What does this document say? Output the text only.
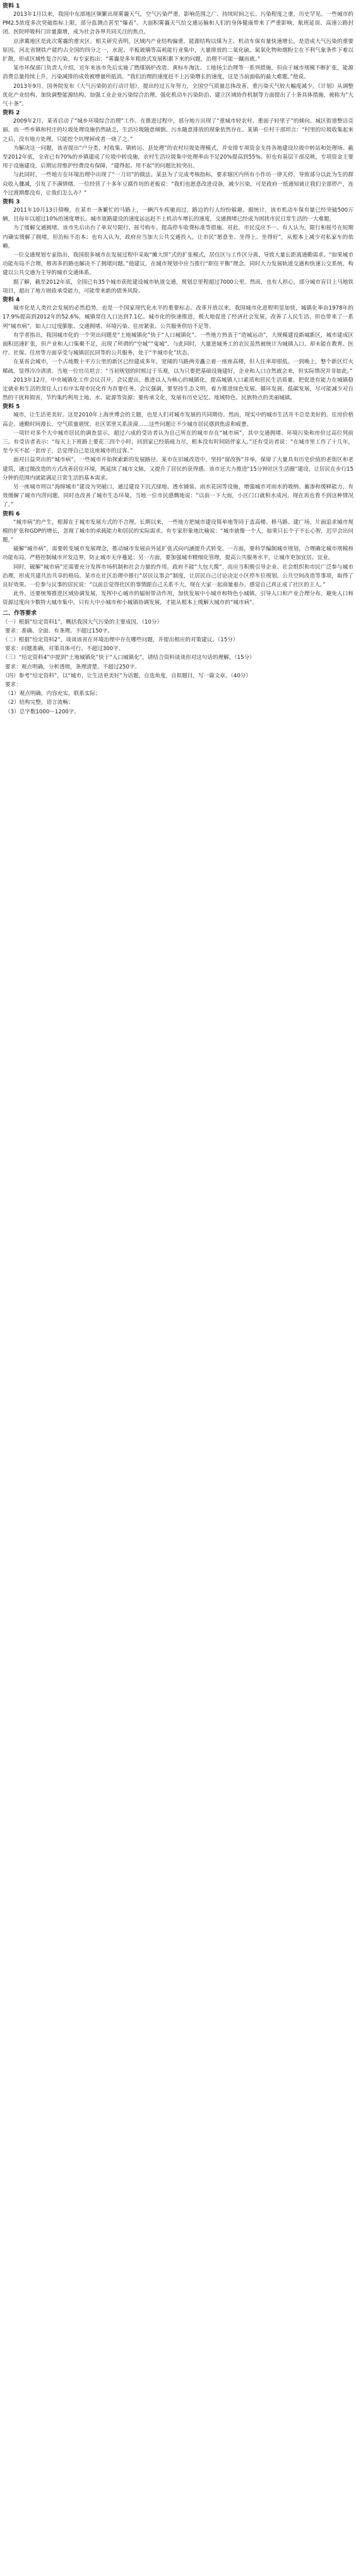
资料 1

2013年1月以来，我国中东部地区频繁出现雾霾天气，空气污染严重，影响范围之广、持续时间之长、污染程度之重，历史罕见。一些城市的PM2.5浓度多次突破指标上限，部分监测点甚至“爆表”。大面积雾霾天气给交通运输和人们的身体健康带来了严重影响，航班延误、高速公路封闭、医院呼吸科门诊量激增，成为社会各界共同关注的焦点。

京津冀地区是此次雾霾的重灾区。相关研究表明，区域内产业结构偏重、能源结构以煤为主、机动车保有量快速增长，是造成大气污染的重要原因。河北省钢铁产能约占全国的四分之一，水泥、平板玻璃等高耗能行业集中，大量排放的二氧化硫、氮氧化物和烟粉尘在不利气象条件下难以扩散，形成区域性复合污染。有专家指出：“雾霾是多年粗放式发展积累下来的问题，治理不可能一蹴而就。”

某市环保部门负责人介绍，近年来该市先后实施了燃煤锅炉改造、黄标车淘汰、工地扬尘治理等一系列措施，但由于城市规模不断扩张，能源消费总量持续上升，污染减排的成效被增量所抵消。“我们治理的速度赶不上污染增长的速度，这是当前面临的最大难题。”他说。

2013年9月，国务院发布《大气污染防治行动计划》，提出经过五年努力，全国空气质量总体改善，重污染天气较大幅度减少。《计划》从调整优化产业结构、加快调整能源结构、加强工业企业污染综合治理、强化机动车污染防治、建立区域协作机制等方面提出了十条具体措施，被称为“大气十条”。

资料 2

2009年2月，某省启动了“城乡环境综合治理”工作。在推进过程中，部分地方出现了“重城市轻农村、重面子轻里子”的倾向。城区街道整洁亮丽，而一些乡镇和村庄的垃圾处理设施仍然缺乏，生活垃圾随意倾倒、污水随意排放的现象依然存在。某镇一位村干部坦言：“村里的垃圾收集起来之后，没有地方处理，只能挖个坑埋掉或者一烧了之。”

为解决这一问题，该省提出“户分类、村收集、镇转运、县处理”的农村垃圾处理模式，并安排专项资金支持各地建设垃圾中转站和处理场。截至2012年底，全省已有70%的乡镇建成了垃圾中转设施，农村生活垃圾集中处理率由不足20%提高到55%。但也有基层干部反映，专项资金主要用于设施建设，后期运营维护经费没有保障，“建得起、用不起”的问题比较突出。

与此同时，一些地方在环境治理中出现了“一刀切”的做法。某县为了完成考核指标，要求辖区内所有小作坊一律关停，导致部分以此为生的群众收入骤减，引发了不满情绪。一位经营了十多年豆腐作坊的老板说：“我们也愿意改进设备，减少污染，可是政府一纸通知就让我们全部停产，连个过渡期都没有，让我们怎么办？”

资料 3

2011年10月13日傍晚，在某市一条繁忙的马路上，一辆汽车疾驰而过，路边的行人纷纷躲避。据统计，该市机动车保有量已经突破500万辆，且每年以超过10%的速度增长。城市道路建设的速度远远赶不上机动车增长的速度，交通拥堵已经成为困扰市民日常生活的一大难题。

为了缓解交通拥堵，该市先后出台了单双号限行、摇号购车、提高停车收费标准等措施。对此，市民反应不一。有人认为，限行和摇号在短期内确实缓解了拥堵，但治标不治本；也有人认为，政府应当加大公共交通投入，让市民“愿意坐、坐得上、坐得好”，从根本上减少对私家车的依赖。

一位交通规划专家指出，我国很多城市在发展过程中采取“摊大饼”式的扩张模式，居住区与工作区分离，导致大量长距离通勤需求。“如果城市功能布局不合理，修再多的路也解决不了拥堵问题。”他建议，在城市规划中应当推行“职住平衡”理念，同时大力发展轨道交通和快速公交系统，构建以公共交通为主导的城市交通体系。

据了解，截至2012年底，全国已有35个城市获批建设城市轨道交通，规划总里程超过7000公里。然而，也有人担心，部分城市盲目上马地铁项目，超出了地方财政承受能力，可能带来新的债务风险。

资料 4

城市化是人类社会发展的必然趋势，也是一个国家现代化水平的重要标志。改革开放以来，我国城市化进程明显加快，城镇化率由1978年的17.9%提高到2012年的52.6%，城镇常住人口达到7.1亿。城市化的快速推进，极大地促进了经济社会发展，改善了人民生活，但也带来了一系列“城市病”，如人口过度膨胀、交通拥堵、环境污染、住房紧张、公共服务供给不足等。

有学者指出，我国城市化的一个突出问题是“土地城镇化”快于“人口城镇化”。一些地方热衷于“造城运动”，大规模建设新城新区，城市建成区面积迅速扩张，但产业和人口集聚不足，出现了所谓的“空城”“鬼城”。与此同时，大量进城务工的农民虽然被统计为城镇人口，却未能在教育、医疗、社保、住房等方面享受与城镇居民同等的公共服务，处于“半城市化”状态。

在某省会城市，一个占地数十平方公里的新区已经建成多年，宽阔的马路两旁矗立着一座座高楼，但入住率却很低。一到晚上，整个新区灯火稀疏，显得冷冷清清。当地一位官员坦言：“当初规划的时候过于乐观，以为只要把基础设施建好，企业和人口自然就会来，但实际情况并非如此。”

2013年12月，中央城镇化工作会议召开。会议提出，推进以人为核心的城镇化，提高城镇人口素质和居民生活质量，把促进有能力在城镇稳定就业和生活的常住人口有序实现市民化作为首要任务。会议强调，要坚持生态文明，着力推进绿色发展、循环发展、低碳发展，尽可能减少对自然的干扰和损害，节约集约利用土地、水、能源等资源；要传承文化，发展有历史记忆、地域特色、民族特点的美丽城镇。

资料 5

城市，让生活更美好。这是2010年上海世博会的主题，也是人们对城市发展的共同期待。然而，现实中的城市生活并不总是美好的。住房价格高企、通勤时间漫长、空气质量堪忧、社区邻里关系淡漠……这些问题让不少城市居民感到焦虑和疲惫。

一项针对多个大中城市居民的调查显示，超过六成的受访者认为自己所在的城市存在“城市病”，其中交通拥堵、环境污染和房价过高位列前三。有受访者表示：“每天上下班路上要花三四个小时，回到家已经筋疲力尽，根本没有时间陪伴家人。”还有受访者说：“在城市里工作了十几年，至今买不起一套房子，总觉得自己是这座城市的过客。”

面对日益突出的“城市病”，一些城市开始探索新的发展路径。某市在旧城改造中，坚持“留改拆”并举，保留了大量具有历史价值的老街区和老建筑，通过微改造的方式改善居住环境，既延续了城市文脉，又提升了居民的获得感。该市还大力推进“15分钟社区生活圈”建设，让居民在步行15分钟的范围内就能满足日常生活的基本需求。

另一座城市则以“海绵城市”建设为突破口，通过建设下沉式绿地、透水铺装、雨水花园等设施，增强城市对雨水的吸纳、蓄渗和缓释能力，有效缓解了城市内涝问题，同时也改善了城市生态环境。当地一位市民感慨地说：“以前一下大雨，小区门口就积水成河，现在再也看不到这种情况了。”

资料 6

“城市病”的产生，根源在于城市发展方式的不合理。长期以来，一些地方把城市建设简单地等同于盖高楼、修马路、建广场，片面追求城市规模的扩张和GDP的增长，忽视了城市的承载能力和居民的实际需求。有专家形象地比喻说：“城市就像一个人，如果只长个子不长心智，迟早会出问题。”

破解“城市病”，需要转变城市发展理念，推动城市发展由外延扩张式向内涵提升式转变。一方面，要科学编制城市规划，合理确定城市规模和功能布局，严格控制城市开发边界，防止城市无序蔓延；另一方面，要加强城市精细化管理，提高公共服务水平，让城市更加宜居、宜业。

同时，破解“城市病”还需要充分发挥市场机制和社会力量的作用。政府不能“大包大揽”，而应当积极引导企业、社会组织和市民广泛参与城市治理，形成共建共治共享的格局。某市在社区治理中推行“居民议事会”制度，让居民自己讨论决定小区停车位规划、公共空间改造等事项，取得了良好效果。一位参与议事的居民说：“以前总觉得社区的事情跟自己关系不大，现在大家一起商量着办，感觉自己真正成了社区的主人。”

此外，还要统筹推进区域协调发展，发挥中心城市的辐射带动作用，加快发展中小城市和特色小城镇，引导人口和产业合理分布，避免人口和资源过度向少数特大城市集中。只有大中小城市和小城镇协调发展，才能从根本上缓解大城市的“城市病”。

二、作答要求

（一）根据“给定资料1”，概括我国大气污染的主要成因。（10分）

要求：准确、全面、有条理。不超过150字。

（二）根据“给定资料2”，谈谈该省在环境治理中存在哪些问题，并提出相应的对策建议。（15分）

要求：问题准确，对策具体可行。不超过300字。

（三）“给定资料4”中提到“土地城镇化”快于“人口城镇化”，请结合资料谈谈你对这句话的理解。（15分）

要求：观点明确，分析透彻，条理清楚。不超过250字。

（四）参考“给定资料”，以“城市，让生活更美好”为话题，自选角度，自拟题目，写一篇文章。（40分）

要求：

（1）观点明确，内容充实，联系实际；

（2）结构完整，语言流畅；

（3）总字数1000～1200字。
